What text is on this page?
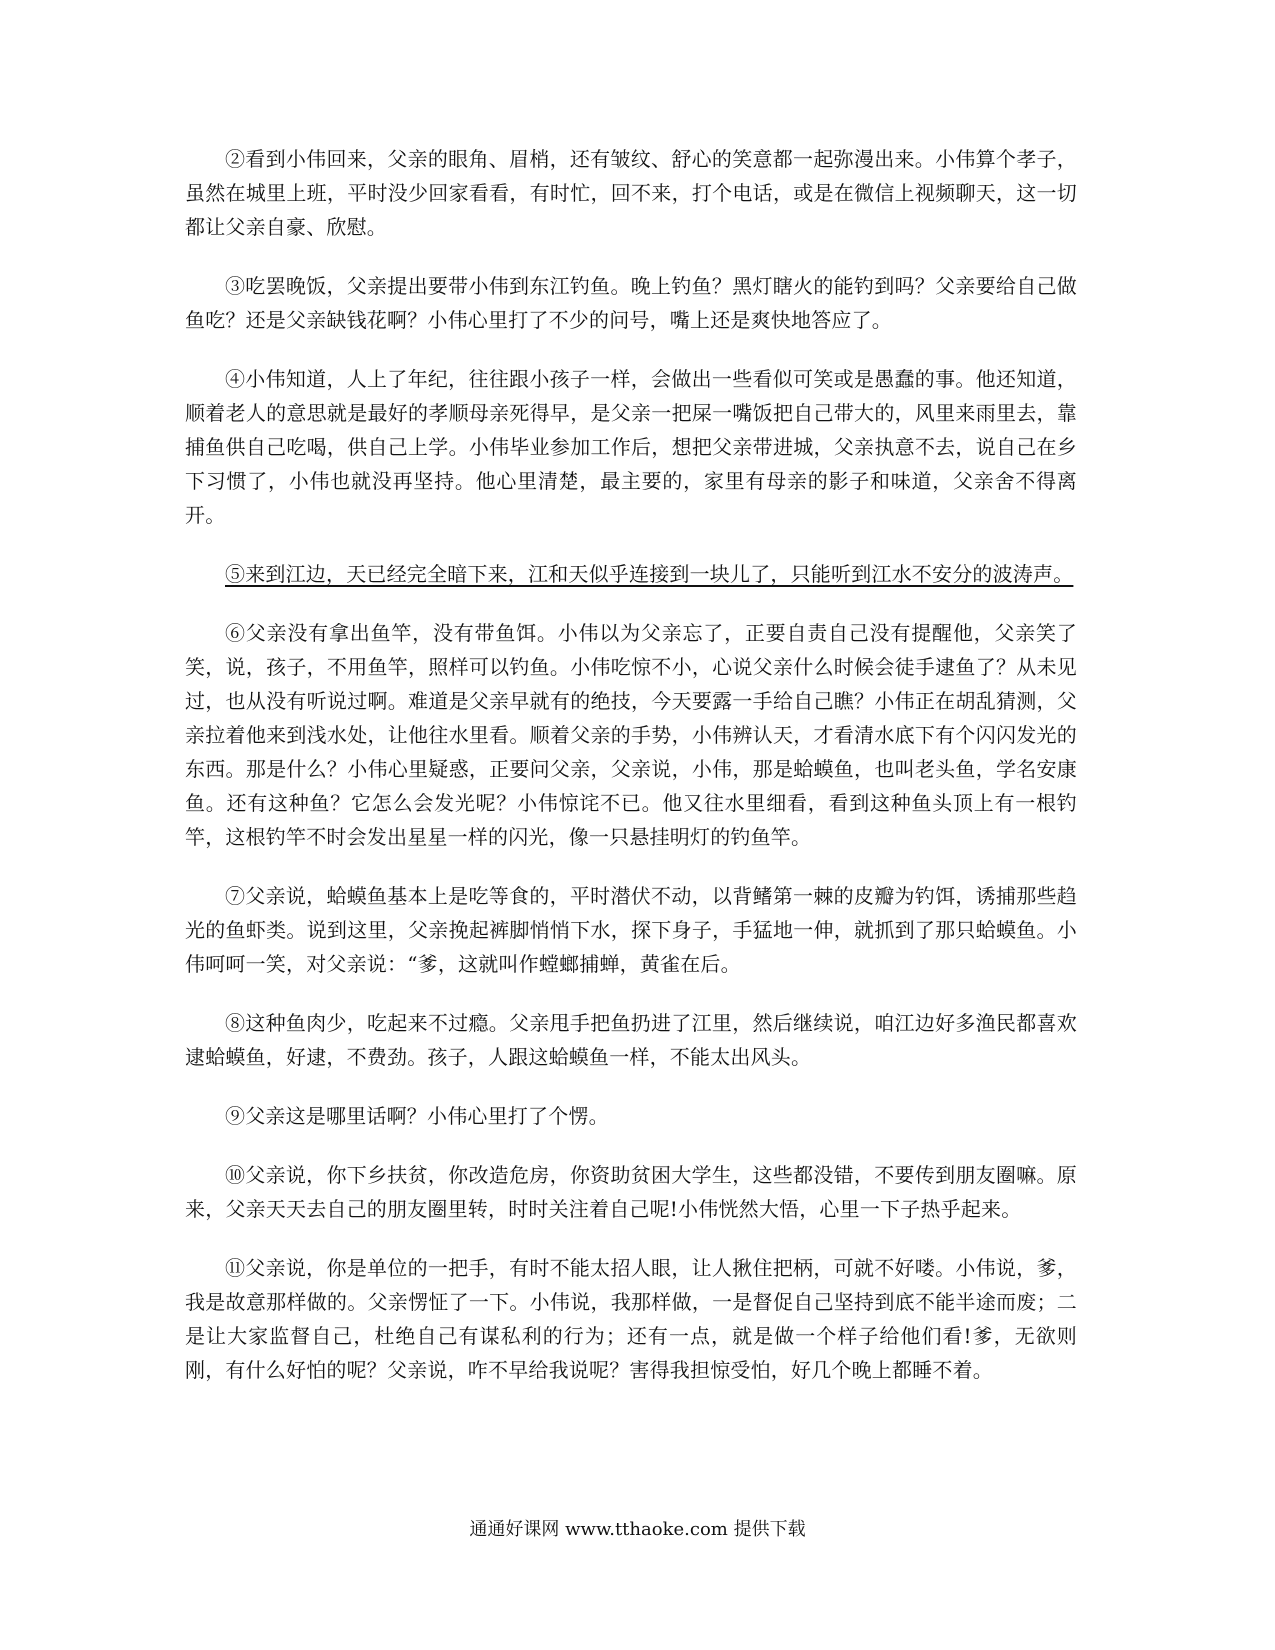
②看到小伟回来，父亲的眼角、眉梢，还有皱纹、舒心的笑意都一起弥漫出来。小伟算个孝子，虽然在城里上班，平时没少回家看看，有时忙，回不来，打个电话，或是在微信上视频聊天，这一切都让父亲自豪、欣慰。

③吃罢晚饭，父亲提出要带小伟到东江钓鱼。晚上钓鱼？黑灯瞎火的能钓到吗？父亲要给自己做鱼吃？还是父亲缺钱花啊？小伟心里打了不少的问号，嘴上还是爽快地答应了。

④小伟知道，人上了年纪，往往跟小孩子一样，会做出一些看似可笑或是愚蠢的事。他还知道，顺着老人的意思就是最好的孝顺母亲死得早，是父亲一把屎一嘴饭把自己带大的，风里来雨里去，靠捕鱼供自己吃喝，供自己上学。小伟毕业参加工作后，想把父亲带进城，父亲执意不去，说自己在乡下习惯了，小伟也就没再坚持。他心里清楚，最主要的，家里有母亲的影子和味道，父亲舍不得离开。

⑤来到江边，天已经完全暗下来，江和天似乎连接到一块儿了，只能听到江水不安分的波涛声。

⑥父亲没有拿出鱼竿，没有带鱼饵。小伟以为父亲忘了，正要自责自己没有提醒他，父亲笑了笑，说，孩子，不用鱼竿，照样可以钓鱼。小伟吃惊不小，心说父亲什么时候会徒手逮鱼了？从未见过，也从没有听说过啊。难道是父亲早就有的绝技，今天要露一手给自己瞧？小伟正在胡乱猜测，父亲拉着他来到浅水处，让他往水里看。顺着父亲的手势，小伟辨认天，才看清水底下有个闪闪发光的东西。那是什么？小伟心里疑惑，正要问父亲，父亲说，小伟，那是蛤蟆鱼，也叫老头鱼，学名安康鱼。还有这种鱼？它怎么会发光呢？小伟惊诧不已。他又往水里细看，看到这种鱼头顶上有一根钓竿，这根钓竿不时会发出星星一样的闪光，像一只悬挂明灯的钓鱼竿。

⑦父亲说，蛤蟆鱼基本上是吃等食的，平时潜伏不动，以背鳍第一棘的皮瓣为钓饵，诱捕那些趋光的鱼虾类。说到这里，父亲挽起裤脚悄悄下水，探下身子，手猛地一伸，就抓到了那只蛤蟆鱼。小伟呵呵一笑，对父亲说：“爹，这就叫作螳螂捕蝉，黄雀在后。

⑧这种鱼肉少，吃起来不过瘾。父亲甩手把鱼扔进了江里，然后继续说，咱江边好多渔民都喜欢逮蛤蟆鱼，好逮，不费劲。孩子，人跟这蛤蟆鱼一样，不能太出风头。

⑨父亲这是哪里话啊？小伟心里打了个愣。

⑩父亲说，你下乡扶贫，你改造危房，你资助贫困大学生，这些都没错，不要传到朋友圈嘛。原来，父亲天天去自己的朋友圈里转，时时关注着自己呢!小伟恍然大悟，心里一下子热乎起来。

⑪父亲说，你是单位的一把手，有时不能太招人眼，让人揪住把柄，可就不好喽。小伟说，爹，我是故意那样做的。父亲愣怔了一下。小伟说，我那样做，一是督促自己坚持到底不能半途而废；二是让大家监督自己，杜绝自己有谋私利的行为；还有一点，就是做一个样子给他们看!爹，无欲则刚，有什么好怕的呢？父亲说，咋不早给我说呢？害得我担惊受怕，好几个晚上都睡不着。

通通好课网 www.tthaoke.com 提供下载
